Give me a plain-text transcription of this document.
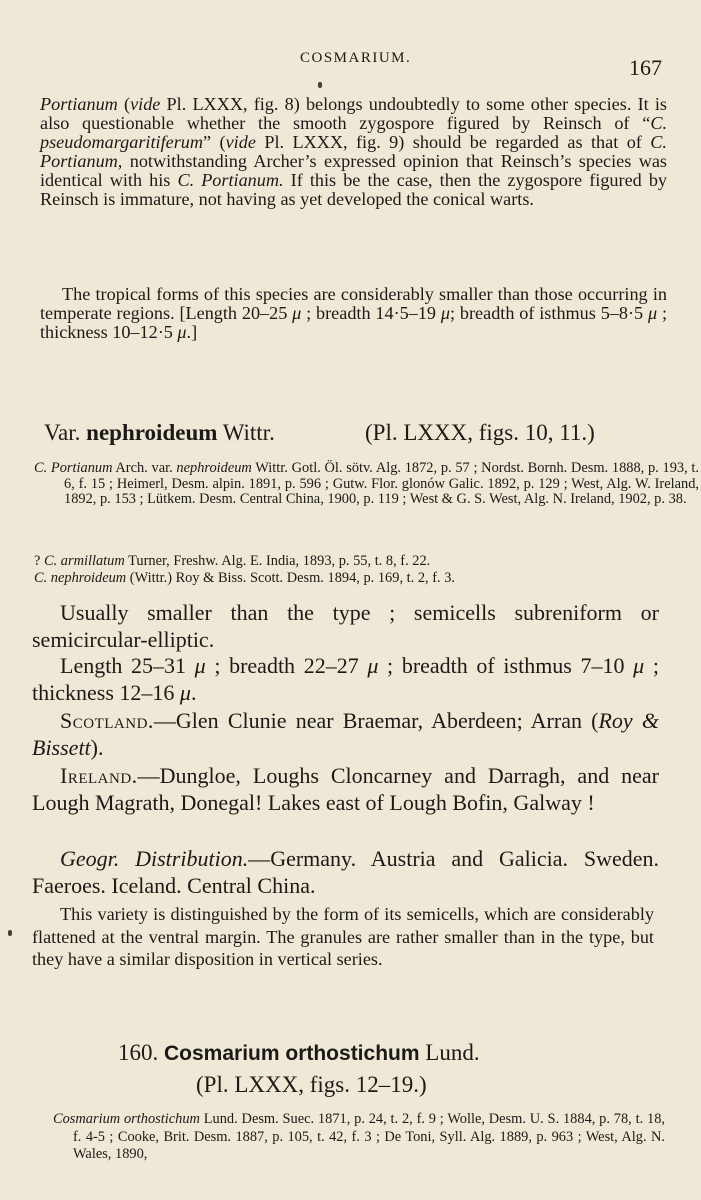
COSMARIUM.	167

Portianum (vide Pl. LXXX, fig. 8) belongs undoubtedly to some other species. It is also questionable whether the smooth zygospore figured by Reinsch of “C. pseudomargaritiferum” (vide Pl. LXXX, fig. 9) should be regarded as that of C. Portianum, notwithstanding Archer’s expressed opinion that Reinsch’s species was identical with his C. Portianum. If this be the case, then the zygospore figured by Reinsch is immature, not having as yet developed the conical warts.

The tropical forms of this species are considerably smaller than those occurring in temperate regions. [Length 20–25 μ ; breadth 14·5–19 μ; breadth of isthmus 5–8·5 μ ; thickness 10–12·5 μ.]

Var. nephroideum Wittr.	(Pl. LXXX, figs. 10, 11.)

C. Portianum Arch. var. nephroideum Wittr. Gotl. Öl. sötv. Alg. 1872, p. 57 ; Nordst. Bornh. Desm. 1888, p. 193, t. 6, f. 15 ; Heimerl, Desm. alpin. 1891, p. 596 ; Gutw. Flor. glonów Galic. 1892, p. 129 ; West, Alg. W. Ireland, 1892, p. 153 ; Lütkem. Desm. Central China, 1900, p. 119 ; West & G. S. West, Alg. N. Ireland, 1902, p. 38.

? C. armillatum Turner, Freshw. Alg. E. India, 1893, p. 55, t. 8, f. 22.

C. nephroideum (Wittr.) Roy & Biss. Scott. Desm. 1894, p. 169, t. 2, f. 3.

Usually smaller than the type ; semicells subreniform or semicircular-elliptic.

Length 25–31 μ ; breadth 22–27 μ ; breadth of isthmus 7–10 μ ; thickness 12–16 μ.

Scotland.—Glen Clunie near Braemar, Aberdeen; Arran (Roy & Bissett).

Ireland.—Dungloe, Loughs Cloncarney and Darragh, and near Lough Magrath, Donegal! Lakes east of Lough Bofin, Galway !

Geogr. Distribution.—Germany. Austria and Galicia. Sweden. Faeroes. Iceland. Central China.

This variety is distinguished by the form of its semicells, which are considerably flattened at the ventral margin. The granules are rather smaller than in the type, but they have a similar disposition in vertical series.

160. Cosmarium orthostichum Lund.
(Pl. LXXX, figs. 12–19.)

Cosmarium orthostichum Lund. Desm. Suec. 1871, p. 24, t. 2, f. 9 ; Wolle, Desm. U. S. 1884, p. 78, t. 18, f. 4-5 ; Cooke, Brit. Desm. 1887, p. 105, t. 42, f. 3 ; De Toni, Syll. Alg. 1889, p. 963 ; West, Alg. N. Wales, 1890,
